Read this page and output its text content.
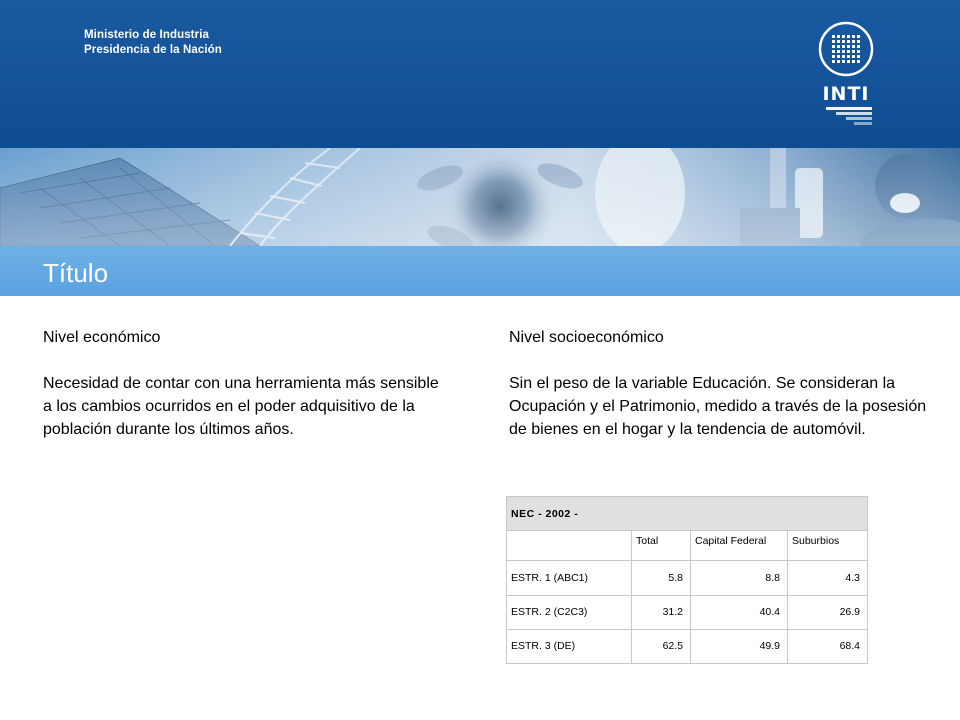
Ministerio de Industria
Presidencia de la Nación
INTI
Título
Nivel económico
Necesidad de contar con una herramienta más sensible a los cambios ocurridos en el poder adquisitivo de la población durante los últimos años.
Nivel socioeconómico
Sin el peso de la variable Educación. Se consideran la Ocupación y el Patrimonio, medido a través de la posesión de bienes en el hogar y la tendencia de automóvil.
NEC - 2002 -			
	Total	Capital Federal	Suburbios
ESTR. 1 (ABC1)	5.8	8.8	4.3
ESTR. 2 (C2C3)	31.2	40.4	26.9
ESTR. 3 (DE)	62.5	49.9	68.4
